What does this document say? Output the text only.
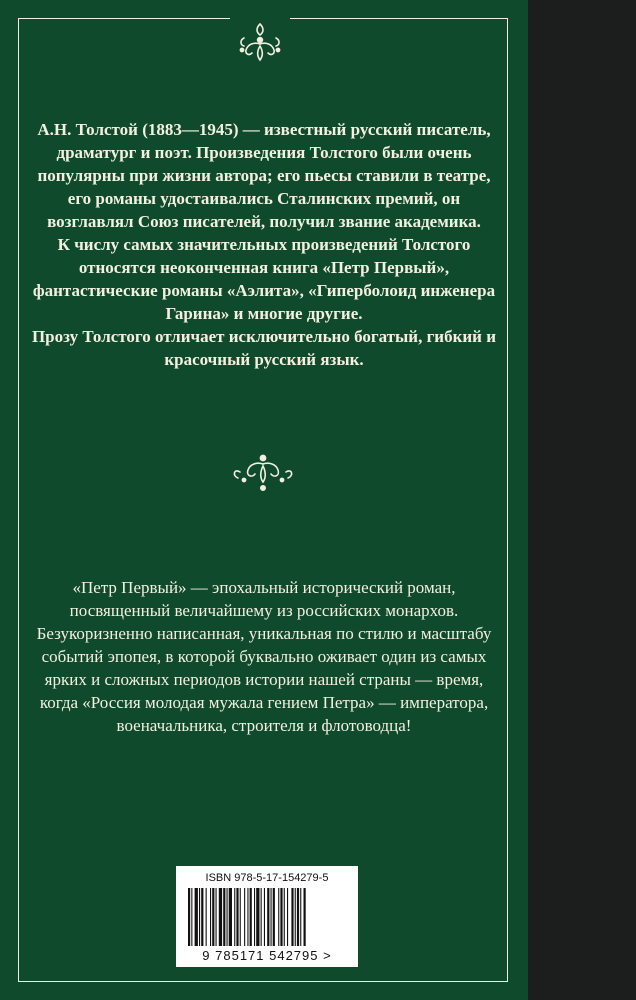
А.Н. Толстой (1883—1945) — известный русский писатель, драматург и поэт. Произведения Толстого были очень популярны при жизни автора; его пьесы ставили в театре, его романы удостаивались Сталинских премий, он возглавлял Союз писателей, получил звание академика.

К числу самых значительных произведений Толстого относятся неоконченная книга «Петр Первый», фантастические романы «Аэлита», «Гиперболоид инженера Гарина» и многие другие.

Прозу Толстого отличает исключительно богатый, гибкий и красочный русский язык.

«Петр Первый» — эпохальный исторический роман, посвященный величайшему из российских монархов. Безукоризненно написанная, уникальная по стилю и масштабу событий эпопея, в которой буквально оживает один из самых ярких и сложных периодов истории нашей страны — время, когда «Россия молодая мужала гением Петра» — императора, военачальника, строителя и флотоводца!
ISBN 978-5-17-154279-5
9 785171 542795 >
